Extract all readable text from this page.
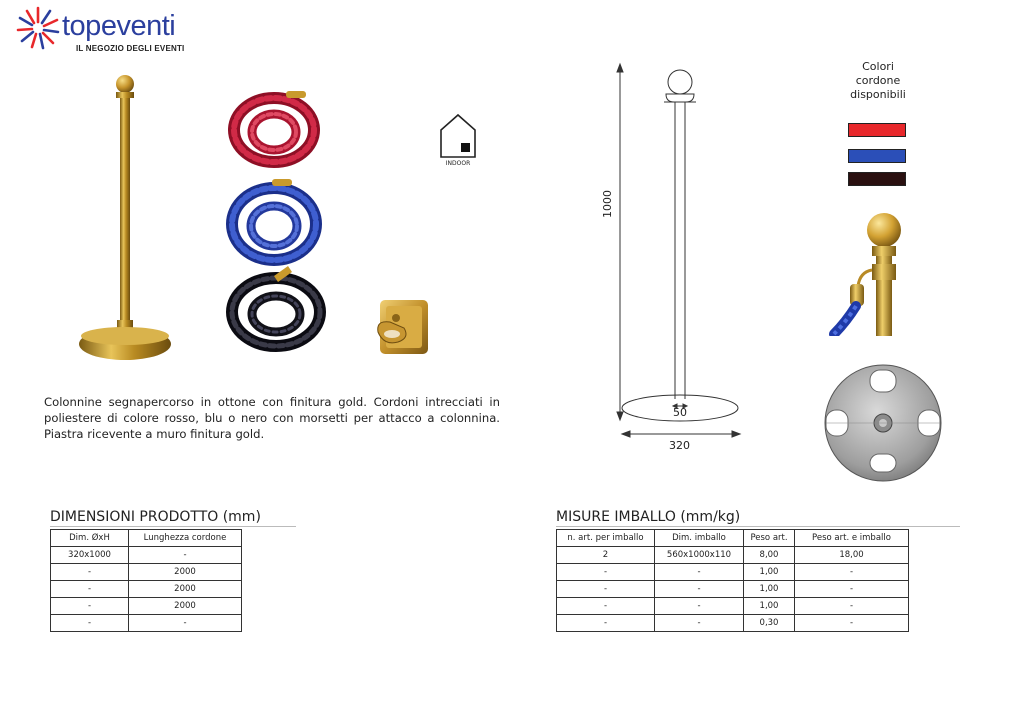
topeventi
IL NEGOZIO DEGLI EVENTI
INDOOR
Colonnine segnapercorso in ottone con finitura gold. Cordoni intrecciati in poliestere di colore rosso, blu o nero con morsetti per attacco a colonnina. Piastra ricevente a muro finitura gold.
1000
50
320
Colori
cordone
disponibili
DIMENSIONI PRODOTTO (mm)
Dim. ØxH	Lunghezza cordone
320x1000	-
-	2000
-	2000
-	2000
-	-
MISURE IMBALLO (mm/kg)
n. art. per imballo	Dim. imballo	Peso art.	Peso art. e imballo
2	560x1000x110	8,00	18,00
-	-	1,00	-
-	-	1,00	-
-	-	1,00	-
-	-	0,30	-
